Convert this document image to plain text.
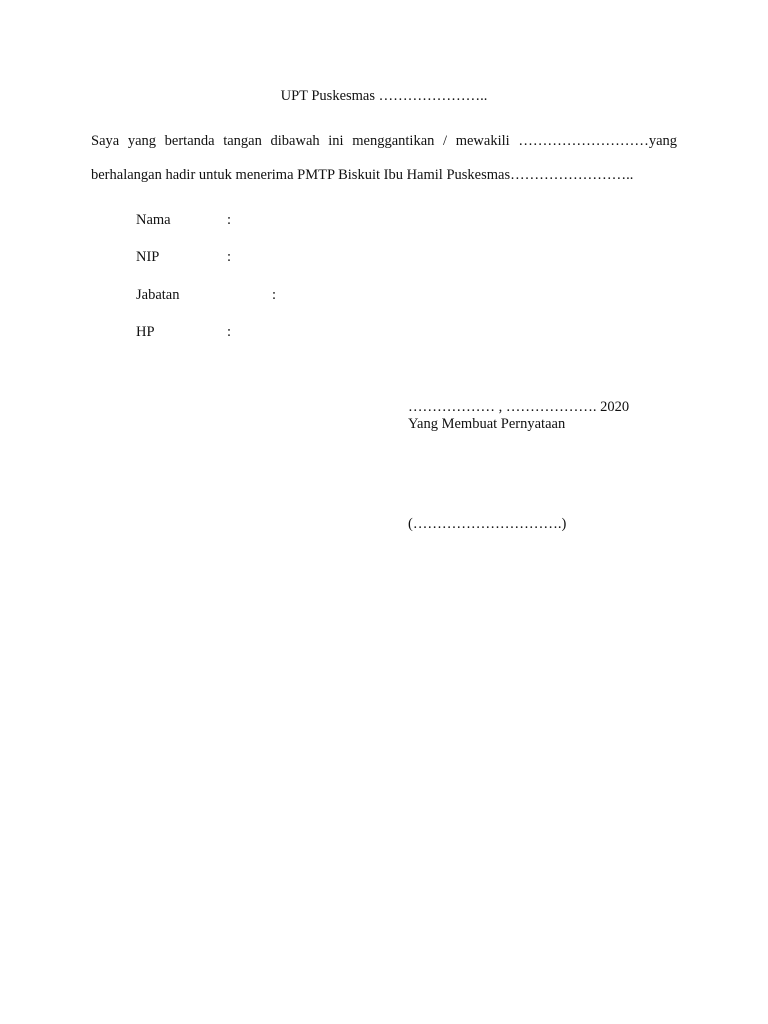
UPT Puskesmas …………………..
Saya yang bertanda tangan dibawah ini menggantikan / mewakili ………………………yang
berhalangan hadir untuk menerima PMTP Biskuit Ibu Hamil Puskesmas……………………..
Nama	:
NIP	:
Jabatan	:
HP	:
……………… , ………………. 2020
Yang Membuat Pernyataan
(………………………….)
